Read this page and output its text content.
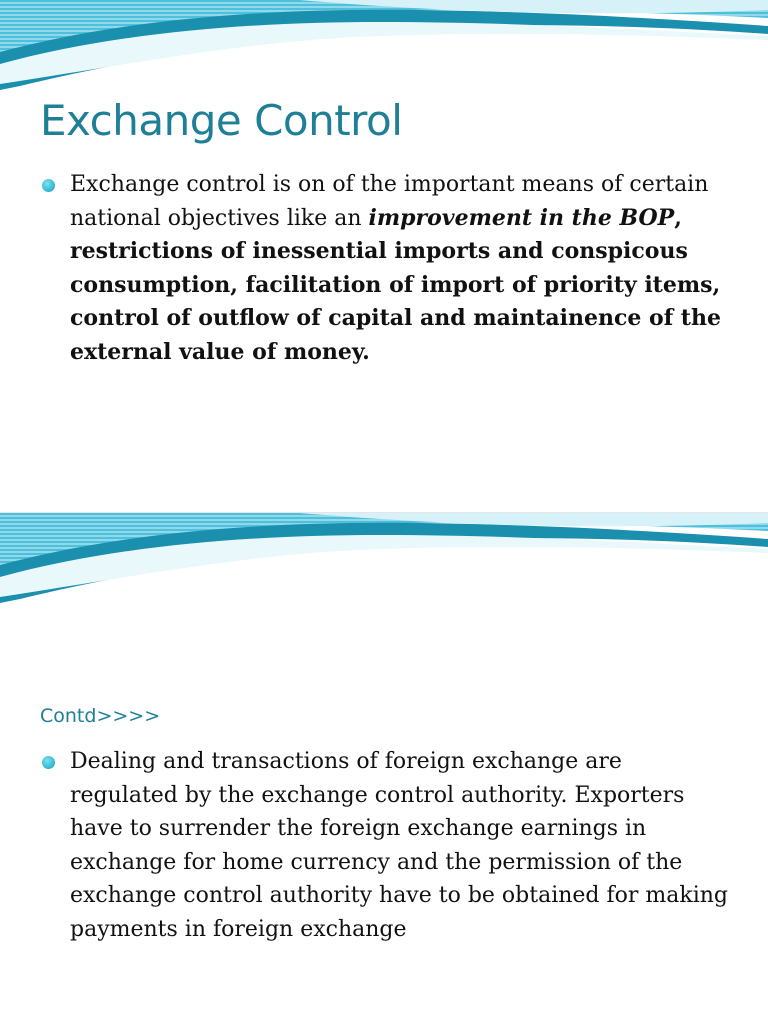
Exchange Control
Exchange control is on of the important means of certain national objectives like an improvement in the BOP, restrictions of inessential imports and conspicous consumption, facilitation of import of priority items, control of outflow of capital and maintainence of the external value of money.
Contd>>>>
Dealing and transactions of foreign exchange are regulated by the exchange control authority. Exporters have to surrender the foreign exchange earnings in exchange for home currency and the permission of the exchange control authority have to be obtained for making payments in foreign exchange
